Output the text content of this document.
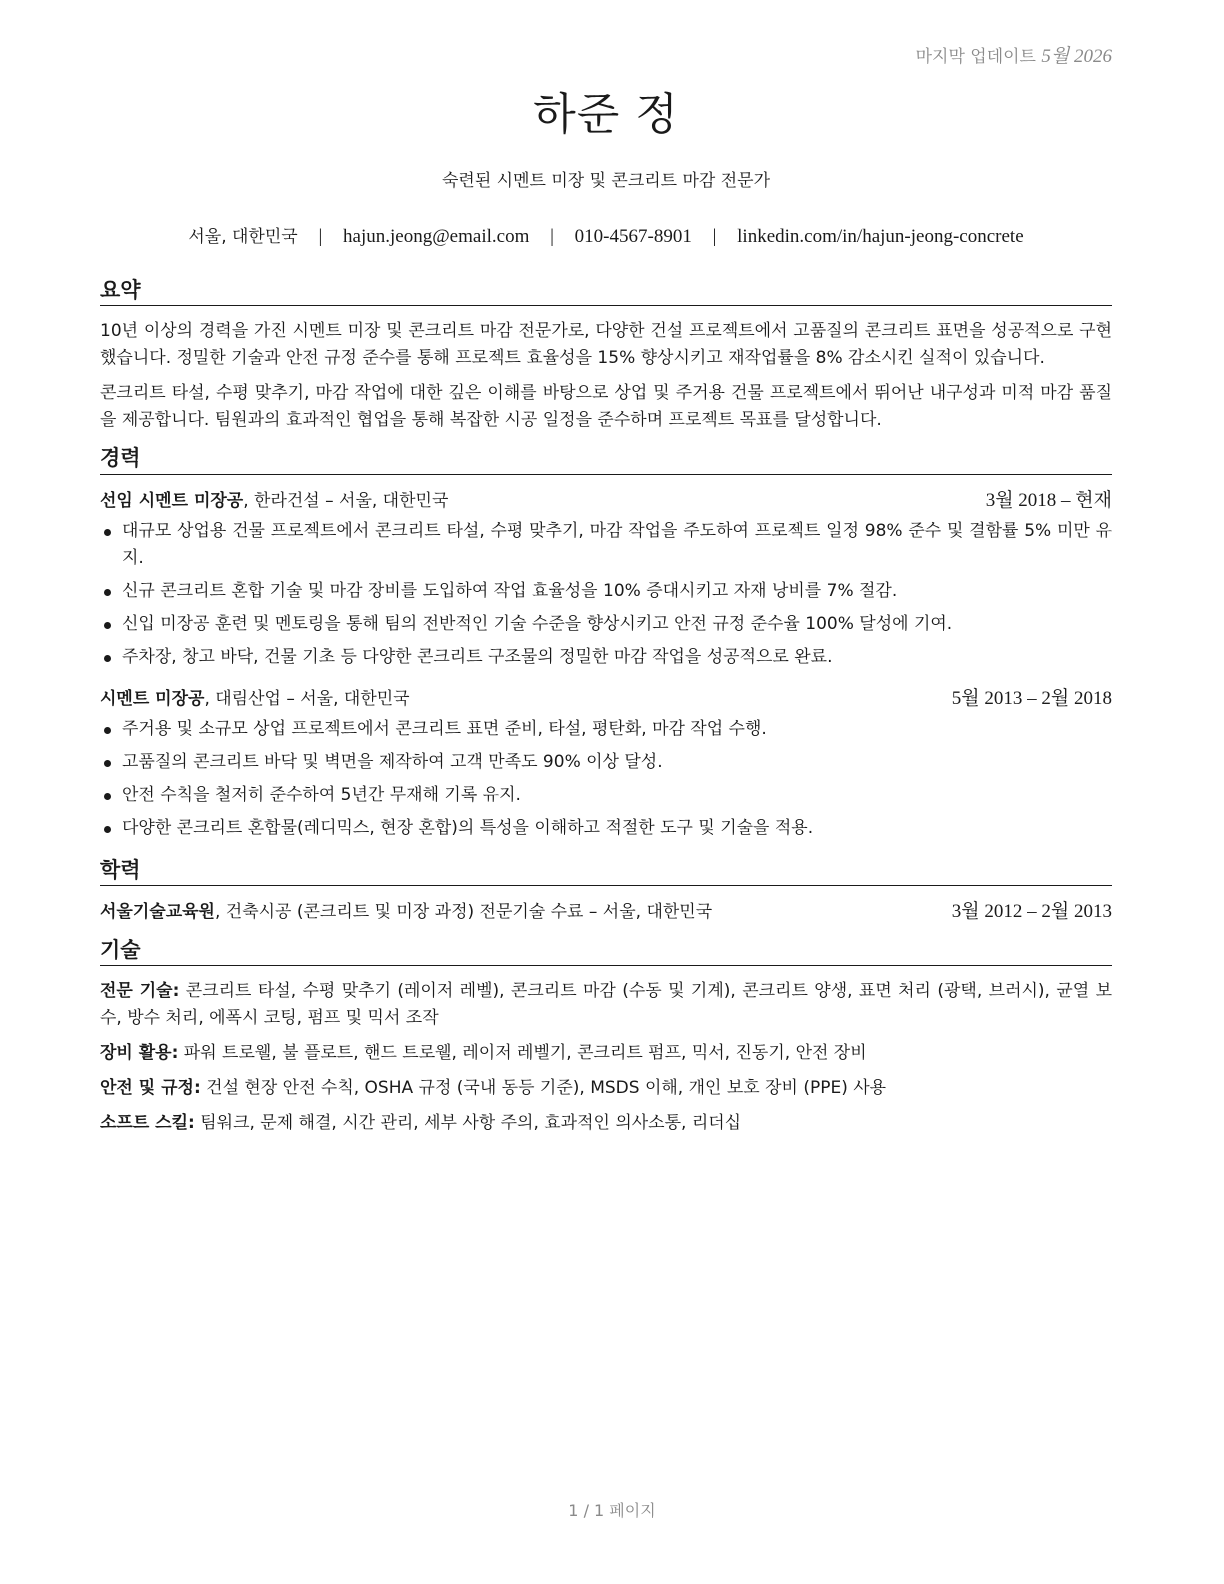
마지막 업데이트 5월 2026
하준 정
숙련된 시멘트 미장 및 콘크리트 마감 전문가
서울, 대한민국 | hajun.jeong@email.com | 010-4567-8901 | linkedin.com/in/hajun-jeong-concrete
요약

10년 이상의 경력을 가진 시멘트 미장 및 콘크리트 마감 전문가로, 다양한 건설 프로젝트에서 고품질의 콘크리트 표면을 성공적으로 구현했습니다. 정밀한 기술과 안전 규정 준수를 통해 프로젝트 효율성을 15% 향상시키고 재작업률을 8% 감소시킨 실적이 있습니다.

콘크리트 타설, 수평 맞추기, 마감 작업에 대한 깊은 이해를 바탕으로 상업 및 주거용 건물 프로젝트에서 뛰어난 내구성과 미적 마감 품질을 제공합니다. 팀원과의 효과적인 협업을 통해 복잡한 시공 일정을 준수하며 프로젝트 목표를 달성합니다.

경력
선임 시멘트 미장공, 한라건설 – 서울, 대한민국	3월 2018 – 현재
대규모 상업용 건물 프로젝트에서 콘크리트 타설, 수평 맞추기, 마감 작업을 주도하여 프로젝트 일정 98% 준수 및 결함률 5% 미만 유지.
신규 콘크리트 혼합 기술 및 마감 장비를 도입하여 작업 효율성을 10% 증대시키고 자재 낭비를 7% 절감.
신입 미장공 훈련 및 멘토링을 통해 팀의 전반적인 기술 수준을 향상시키고 안전 규정 준수율 100% 달성에 기여.
주차장, 창고 바닥, 건물 기초 등 다양한 콘크리트 구조물의 정밀한 마감 작업을 성공적으로 완료.
시멘트 미장공, 대림산업 – 서울, 대한민국	5월 2013 – 2월 2018
주거용 및 소규모 상업 프로젝트에서 콘크리트 표면 준비, 타설, 평탄화, 마감 작업 수행.
고품질의 콘크리트 바닥 및 벽면을 제작하여 고객 만족도 90% 이상 달성.
안전 수칙을 철저히 준수하여 5년간 무재해 기록 유지.
다양한 콘크리트 혼합물(레디믹스, 현장 혼합)의 특성을 이해하고 적절한 도구 및 기술을 적용.
학력
서울기술교육원, 건축시공 (콘크리트 및 미장 과정) 전문기술 수료 – 서울, 대한민국	3월 2012 – 2월 2013
기술
전문 기술: 콘크리트 타설, 수평 맞추기 (레이저 레벨), 콘크리트 마감 (수동 및 기계), 콘크리트 양생, 표면 처리 (광택, 브러시), 균열 보수, 방수 처리, 에폭시 코팅, 펌프 및 믹서 조작
장비 활용: 파워 트로웰, 불 플로트, 핸드 트로웰, 레이저 레벨기, 콘크리트 펌프, 믹서, 진동기, 안전 장비
안전 및 규정: 건설 현장 안전 수칙, OSHA 규정 (국내 동등 기준), MSDS 이해, 개인 보호 장비 (PPE) 사용
소프트 스킬: 팀워크, 문제 해결, 시간 관리, 세부 사항 주의, 효과적인 의사소통, 리더십
1 / 1 페이지
